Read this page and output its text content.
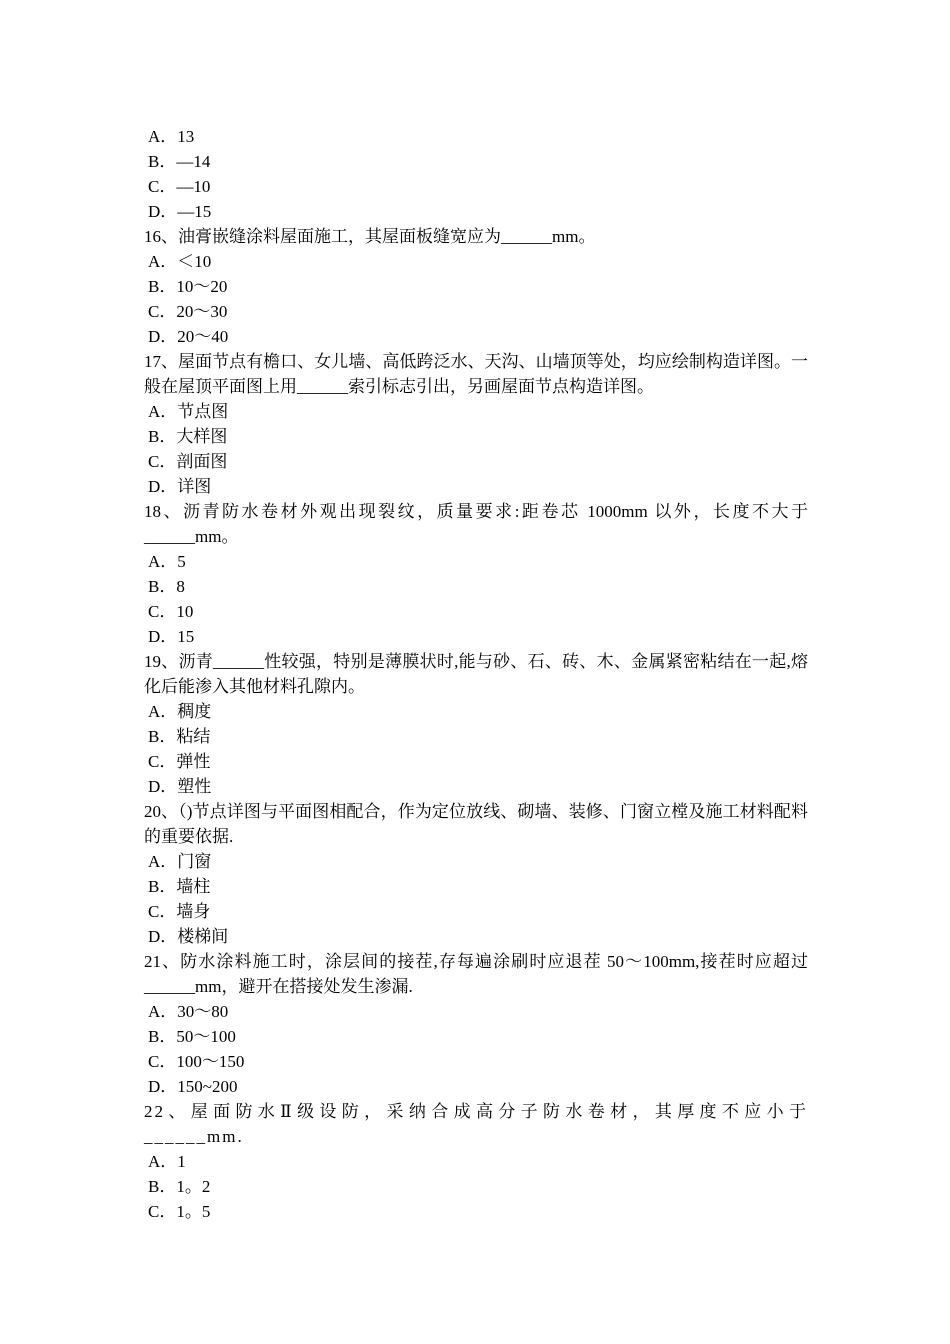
A．13
B．—14
C．—10
D．—15
16、油膏嵌缝涂料屋面施工，其屋面板缝宽应为______mm。
A．＜10
B．10～20
C．20～30
D．20～40
17、屋面节点有檐口、女儿墙、高低跨泛水、天沟、山墙顶等处，均应绘制构造详图。一般在屋顶平面图上用______索引标志引出，另画屋面节点构造详图。
A．节点图
B．大样图
C．剖面图
D．详图
18、沥青防水卷材外观出现裂纹，质量要求:距卷芯 1000mm 以外，长度不大于______mm。
A．5
B．8
C．10
D．15
19、沥青______性较强，特别是薄膜状时,能与砂、石、砖、木、金属紧密粘结在一起,熔化后能渗入其他材料孔隙内。
A．稠度
B．粘结
C．弹性
D．塑性
20、（)节点详图与平面图相配合，作为定位放线、砌墙、装修、门窗立樘及施工材料配料的重要依据.
A．门窗
B．墙柱
C．墙身
D．楼梯间
21、防水涂料施工时，涂层间的接茬,存每遍涂刷时应退茬 50～100mm,接茬时应超过______mm，避开在搭接处发生渗漏.
A．30～80
B．50～100
C．100～150
D．150~200
22、屋面防水Ⅱ级设防，采纳合成高分子防水卷材，其厚度不应小于______mm.
A．1
B．1。2
C．1。5
